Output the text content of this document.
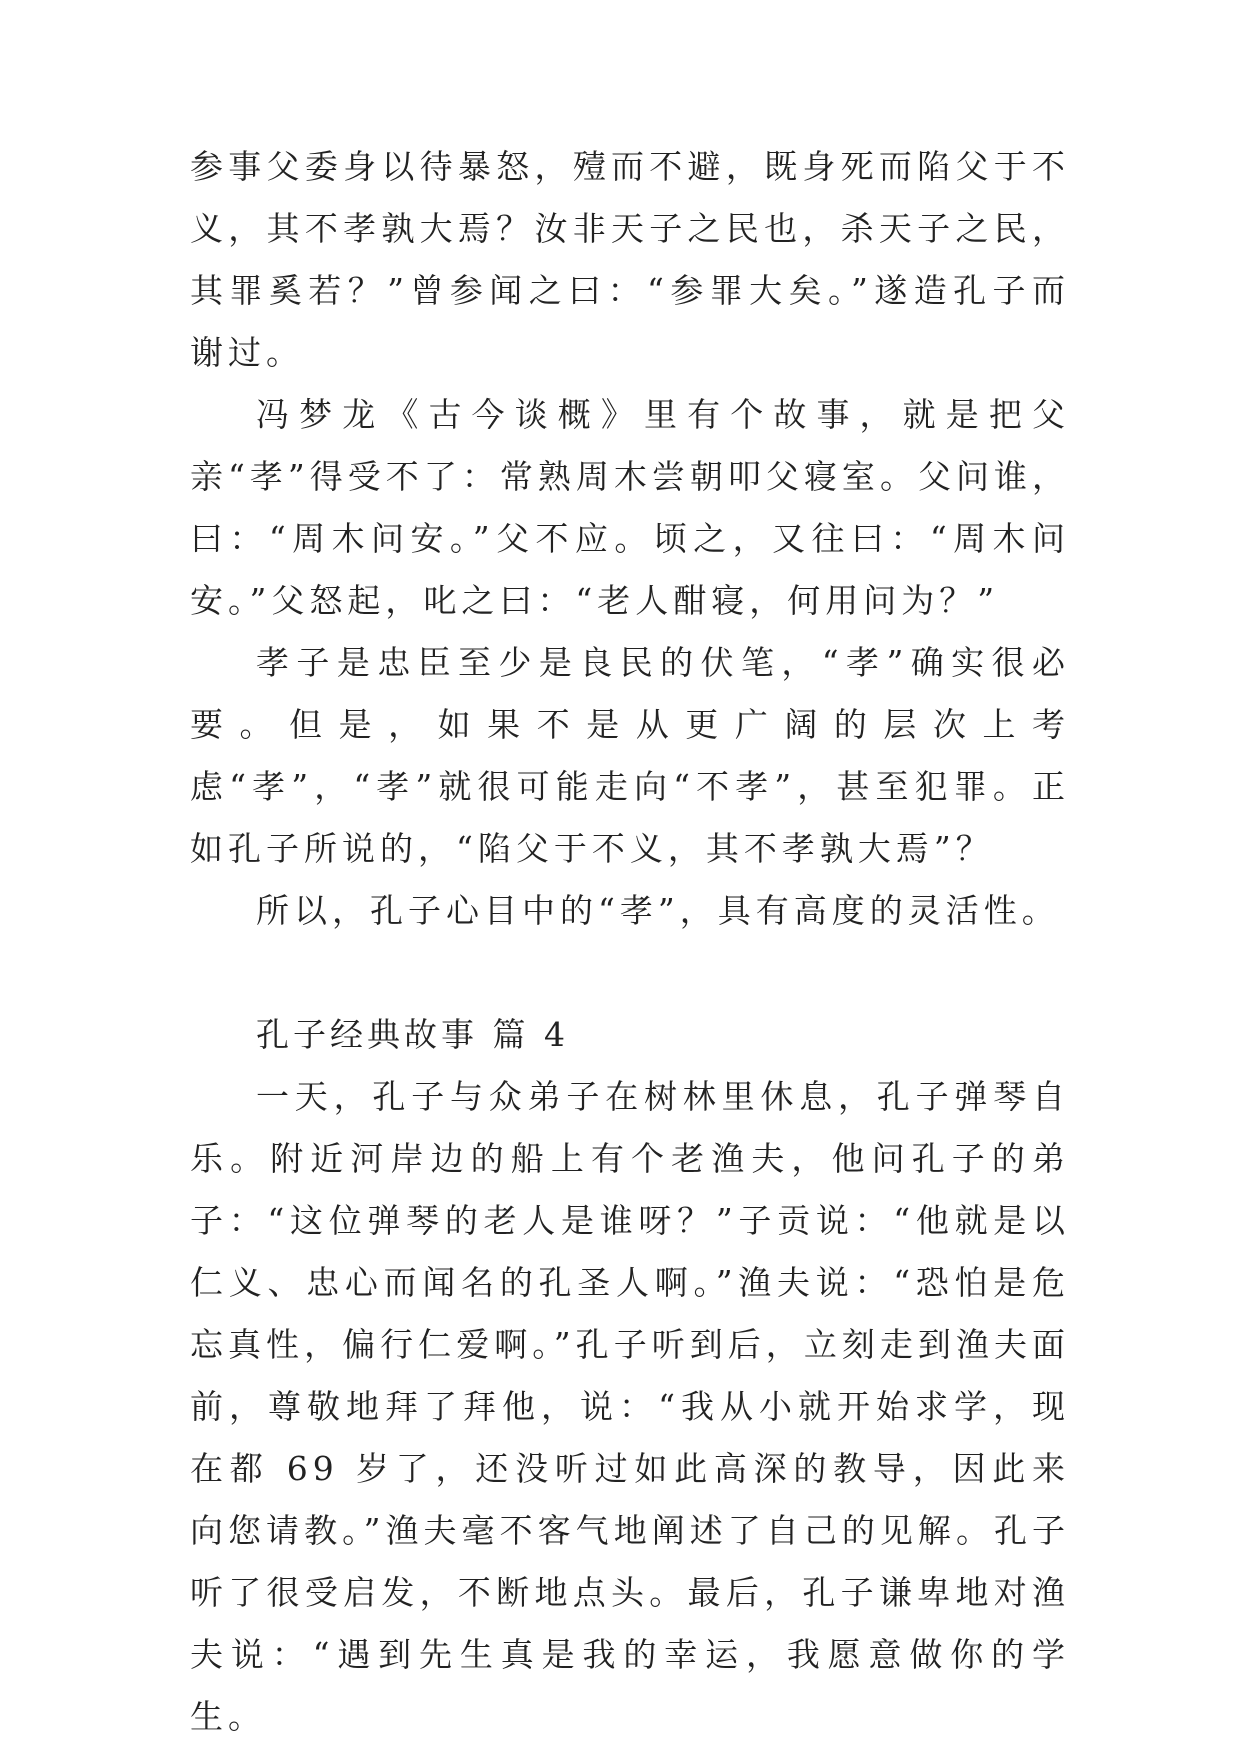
参事父委身以待暴怒，殪而不避，既身死而陷父于不义，其不孝孰大焉？汝非天子之民也，杀天子之民，其罪奚若？”曾参闻之曰：“参罪大矣。”遂造孔子而谢过。

冯梦龙《古今谈概》里有个故事，就是把父亲“孝”得受不了：常熟周木尝朝叩父寝室。父问谁，曰：“周木问安。”父不应。顷之，又往曰：“周木问安。”父怒起，叱之曰：“老人酣寝，何用问为？”

孝子是忠臣至少是良民的伏笔，“孝”确实很必要。但是，如果不是从更广阔的层次上考虑“孝”，“孝”就很可能走向“不孝”，甚至犯罪。正如孔子所说的，“陷父于不义，其不孝孰大焉”？

所以，孔子心目中的“孝”，具有高度的灵活性。

孔子经典故事 篇 4

一天，孔子与众弟子在树林里休息，孔子弹琴自乐。附近河岸边的船上有个老渔夫，他问孔子的弟子：“这位弹琴的老人是谁呀？”子贡说：“他就是以仁义、忠心而闻名的孔圣人啊。”渔夫说：“恐怕是危忘真性，偏行仁爱啊。”孔子听到后，立刻走到渔夫面前，尊敬地拜了拜他，说：“我从小就开始求学，现在都 69 岁了，还没听过如此高深的教导，因此来向您请教。”渔夫毫不客气地阐述了自己的见解。孔子听了很受启发，不断地点头。最后，孔子谦卑地对渔夫说：“遇到先生真是我的幸运，我愿意做你的学生。
